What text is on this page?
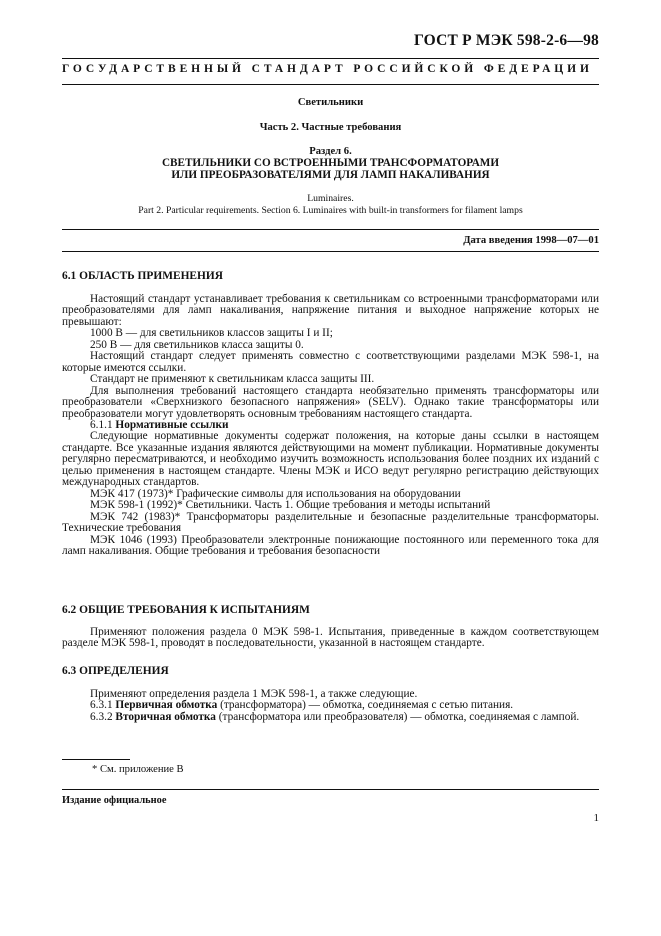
ГОСТ Р МЭК 598-2-6—98
ГОСУДАРСТВЕННЫЙ СТАНДАРТ РОССИЙСКОЙ ФЕДЕРАЦИИ
Светильники
Часть 2. Частные требования
Раздел 6.
СВЕТИЛЬНИКИ СО ВСТРОЕННЫМИ ТРАНСФОРМАТОРАМИ
ИЛИ ПРЕОБРАЗОВАТЕЛЯМИ ДЛЯ ЛАМП НАКАЛИВАНИЯ
Luminaires.
Part 2. Particular requirements. Section 6. Luminaires with built-in transformers for filament lamps
Дата введения 1998—07—01
6.1 ОБЛАСТЬ ПРИМЕНЕНИЯ

Настоящий стандарт устанавливает требования к светильникам со встроенными трансформаторами или преобразователями для ламп накаливания, напряжение питания и выходное напряжение которых не превышают:

1000 В — для светильников классов защиты I и II;

250 В — для светильников класса защиты 0.

Настоящий стандарт следует применять совместно с соответствующими разделами МЭК 598-1, на которые имеются ссылки.

Стандарт не применяют к светильникам класса защиты III.

Для выполнения требований настоящего стандарта необязательно применять трансформаторы или преобразователи «Сверхнизкого безопасного напряжения» (SELV). Однако такие трансформаторы или преобразователи могут удовлетворять основным требованиям настоящего стандарта.

6.1.1 Нормативные ссылки

Следующие нормативные документы содержат положения, на которые даны ссылки в настоящем стандарте. Все указанные издания являются действующими на момент публикации. Нормативные документы регулярно пересматриваются, и необходимо изучить возможность использования более поздних их изданий с целью применения в настоящем стандарте. Члены МЭК и ИСО ведут регулярно регистрацию действующих международных стандартов.

МЭК 417 (1973)* Графические символы для использования на оборудовании

МЭК 598-1 (1992)* Светильники. Часть 1. Общие требования и методы испытаний

МЭК 742 (1983)* Трансформаторы разделительные и безопасные разделительные трансформаторы. Технические требования

МЭК 1046 (1993) Преобразователи электронные понижающие постоянного или переменного тока для ламп накаливания. Общие требования и требования безопасности

6.2 ОБЩИЕ ТРЕБОВАНИЯ К ИСПЫТАНИЯМ

Применяют положения раздела 0 МЭК 598-1. Испытания, приведенные в каждом соответствующем разделе МЭК 598-1, проводят в последовательности, указанной в настоящем стандарте.

6.3 ОПРЕДЕЛЕНИЯ

Применяют определения раздела 1 МЭК 598-1, а также следующие.

6.3.1 Первичная обмотка (трансформатора) — обмотка, соединяемая с сетью питания.

6.3.2 Вторичная обмотка (трансформатора или преобразователя) — обмотка, соединяемая с лампой.

* См. приложение В
Издание официальное
1
